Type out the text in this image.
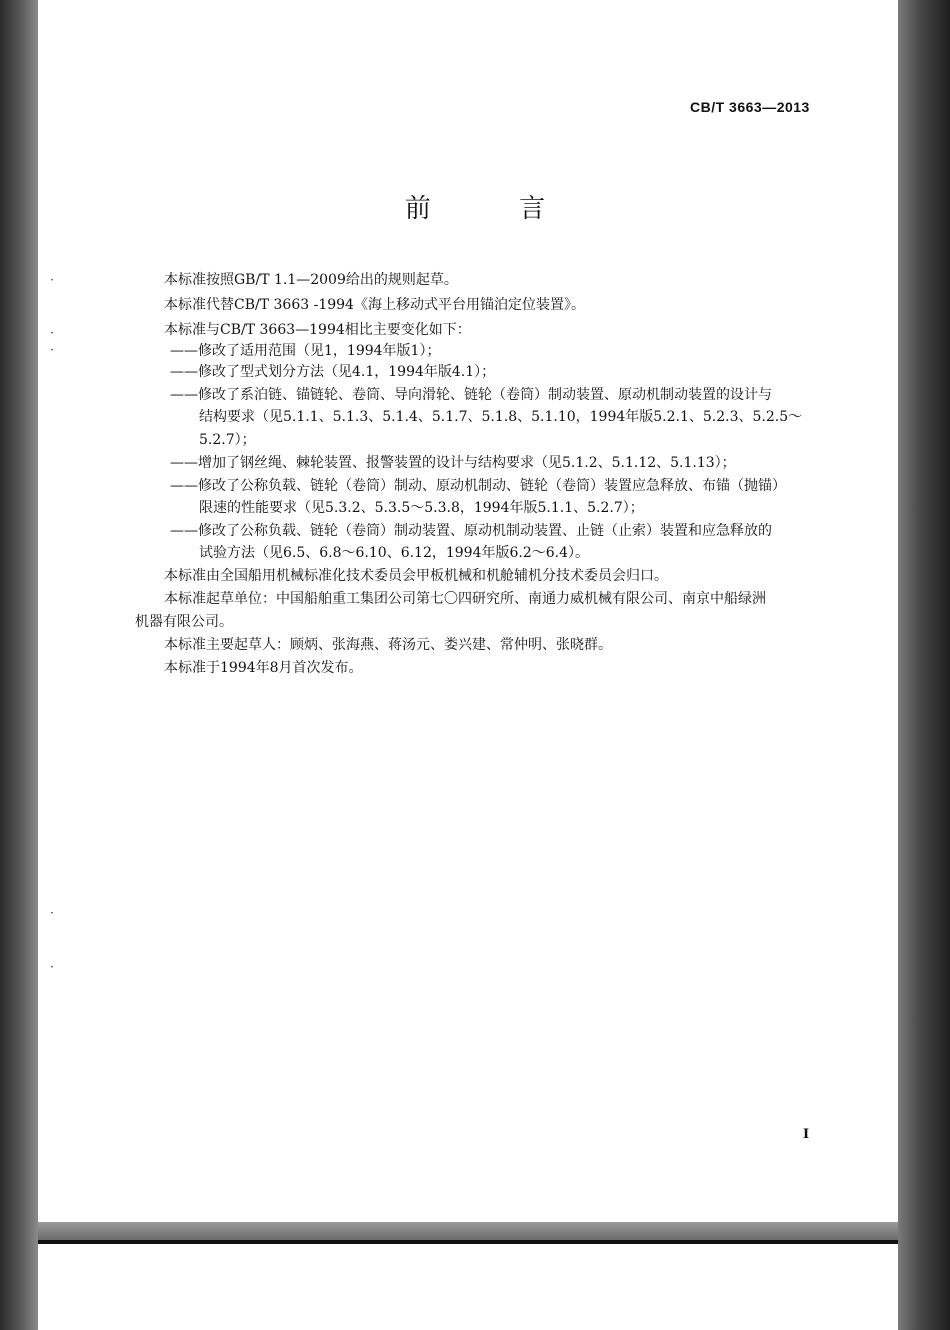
CB/T 3663—2013
前 言
·
·
·
·
·
本标准按照GB/T 1.1—2009给出的规则起草。
本标准代替CB/T 3663 -1994《海上移动式平台用锚泊定位装置》。
本标准与CB/T 3663—1994相比主要变化如下：
——修改了适用范围（见1，1994年版1）；
——修改了型式划分方法（见4.1，1994年版4.1）；
——修改了系泊链、锚链轮、卷筒、导向滑轮、链轮（卷筒）制动装置、原动机制动装置的设计与
结构要求（见5.1.1、5.1.3、5.1.4、5.1.7、5.1.8、5.1.10，1994年版5.2.1、5.2.3、5.2.5～
5.2.7）；
——增加了钢丝绳、棘轮装置、报警装置的设计与结构要求（见5.1.2、5.1.12、5.1.13）；
——修改了公称负载、链轮（卷筒）制动、原动机制动、链轮（卷筒）装置应急释放、布锚（抛锚）
限速的性能要求（见5.3.2、5.3.5～5.3.8，1994年版5.1.1、5.2.7）；
——修改了公称负载、链轮（卷筒）制动装置、原动机制动装置、止链（止索）装置和应急释放的
试验方法（见6.5、6.8～6.10、6.12，1994年版6.2～6.4）。
本标准由全国船用机械标准化技术委员会甲板机械和机舱辅机分技术委员会归口。
本标准起草单位：中国船舶重工集团公司第七〇四研究所、南通力威机械有限公司、南京中船绿洲
机器有限公司。
本标准主要起草人：顾炳、张海燕、蒋汤元、娄兴建、常仲明、张晓群。
本标准于1994年8月首次发布。
I
